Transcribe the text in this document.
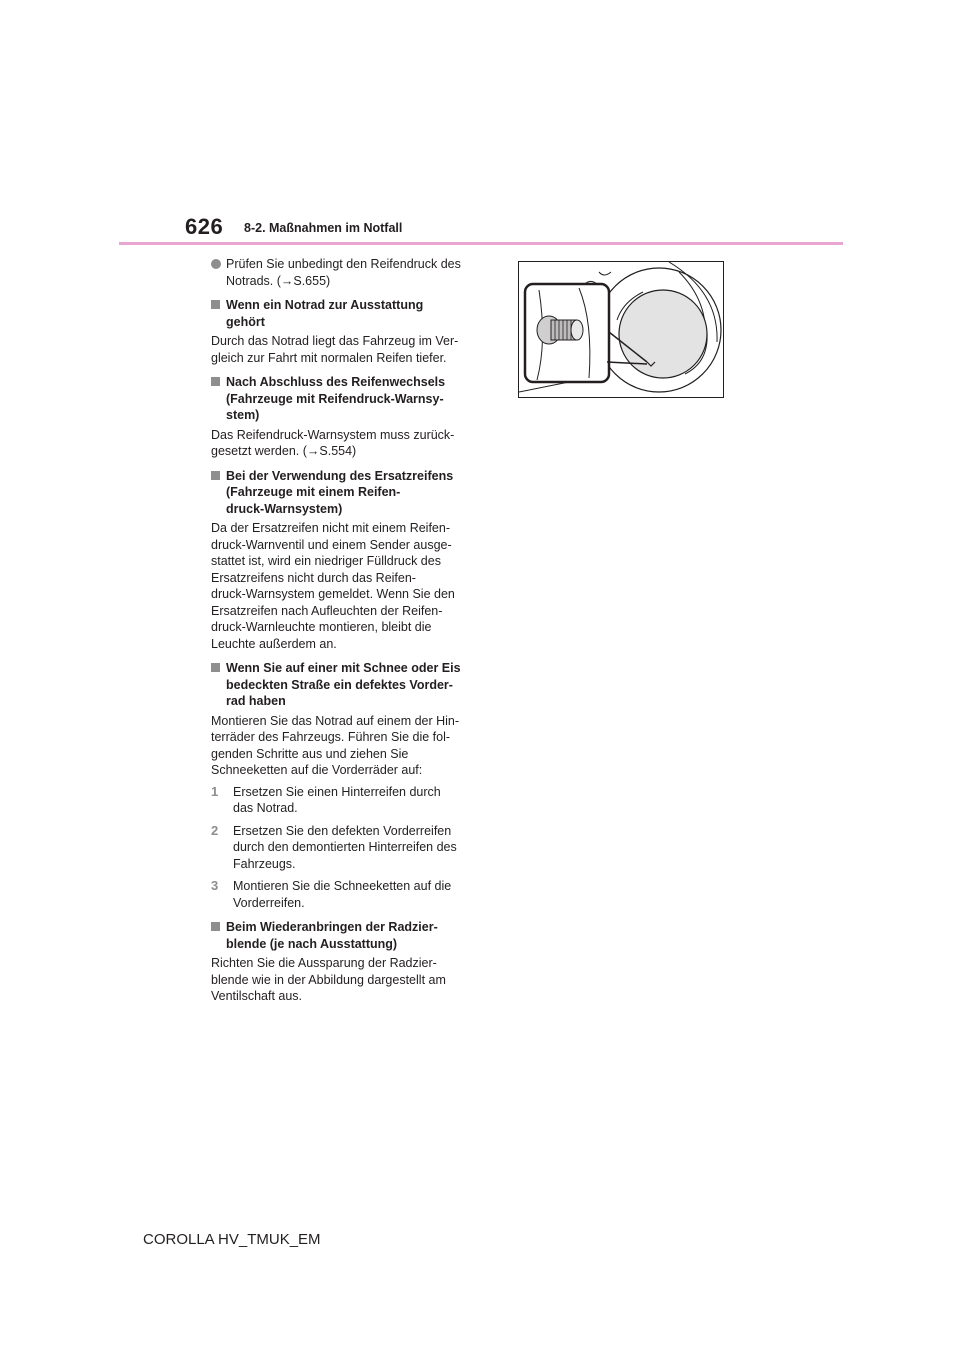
626 8-2. Maßnahmen im Notfall
Prüfen Sie unbedingt den Reifendruck des
Notrads. (→S.655)
Wenn ein Notrad zur Ausstattung
gehört
Durch das Notrad liegt das Fahrzeug im Ver-
gleich zur Fahrt mit normalen Reifen tiefer.
Nach Abschluss des Reifenwechsels
(Fahrzeuge mit Reifendruck-Warnsy-
stem)
Das Reifendruck-Warnsystem muss zurück-
gesetzt werden. (→S.554)
Bei der Verwendung des Ersatzreifens
(Fahrzeuge mit einem Reifen-
druck-Warnsystem)
Da der Ersatzreifen nicht mit einem Reifen-
druck-Warnventil und einem Sender ausge-
stattet ist, wird ein niedriger Fülldruck des
Ersatzreifens nicht durch das Reifen-
druck-Warnsystem gemeldet. Wenn Sie den
Ersatzreifen nach Aufleuchten der Reifen-
druck-Warnleuchte montieren, bleibt die
Leuchte außerdem an.
Wenn Sie auf einer mit Schnee oder Eis
bedeckten Straße ein defektes Vorder-
rad haben
Montieren Sie das Notrad auf einem der Hin-
terräder des Fahrzeugs. Führen Sie die fol-
genden Schritte aus und ziehen Sie
Schneeketten auf die Vorderräder auf:
1 Ersetzen Sie einen Hinterreifen durch
das Notrad.
2 Ersetzen Sie den defekten Vorderreifen
durch den demontierten Hinterreifen des
Fahrzeugs.
3 Montieren Sie die Schneeketten auf die
Vorderreifen.
Beim Wiederanbringen der Radzier-
blende (je nach Ausstattung)
Richten Sie die Aussparung der Radzier-
blende wie in der Abbildung dargestellt am
Ventilschaft aus.
COROLLA HV_TMUK_EM
